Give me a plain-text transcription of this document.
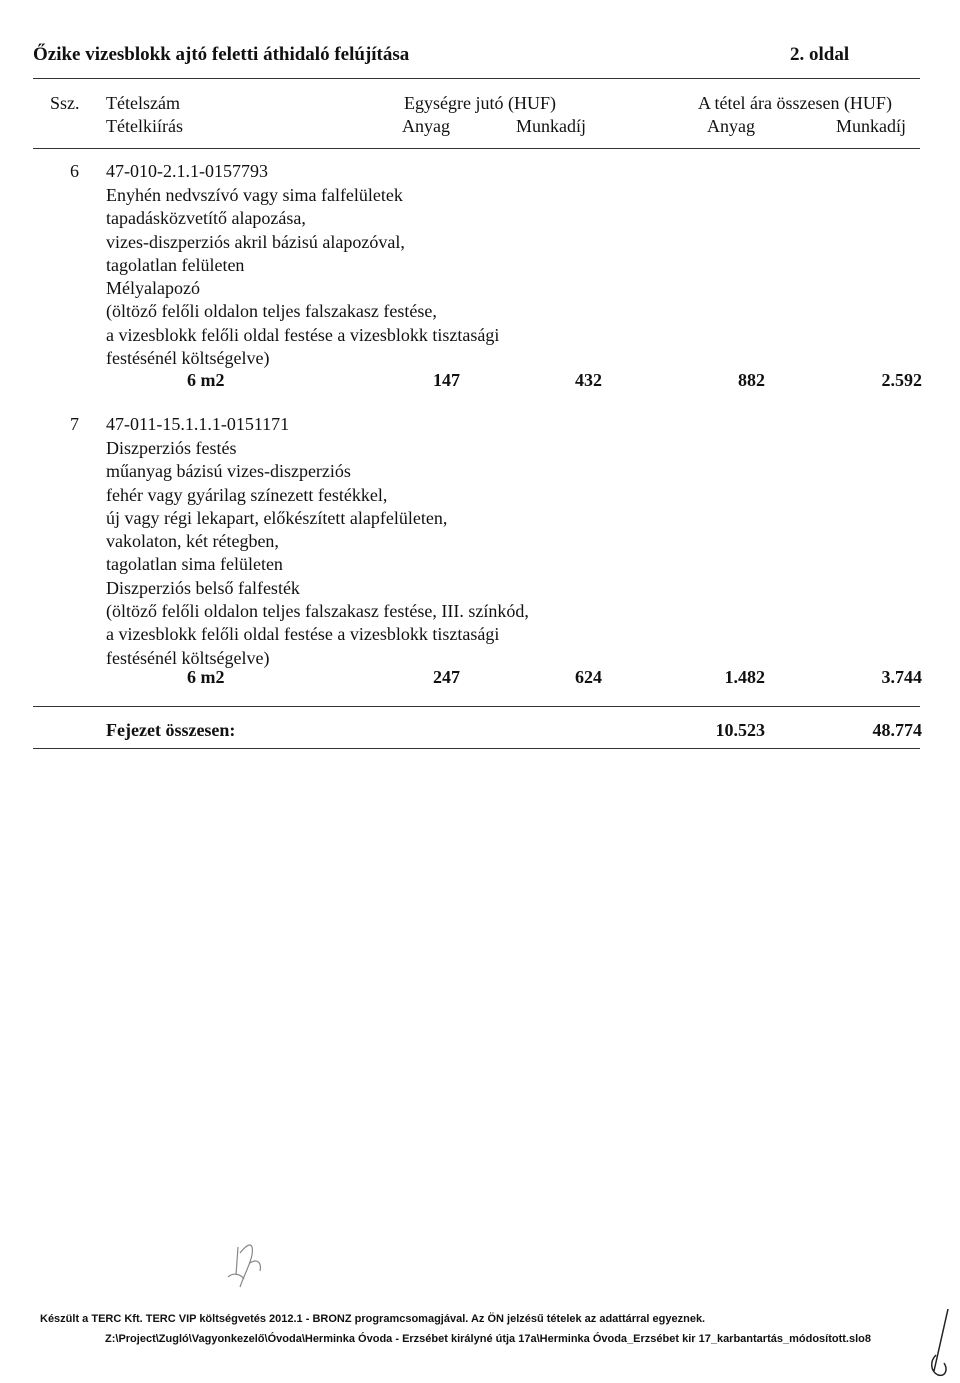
Őzike vizesblokk ajtó feletti áthidaló felújítása	2. oldal
Ssz. Tételszám
Tételkiírás
Egységre jutó (HUF)	A tétel ára összesen (HUF)
Anyag	Munkadíj	Anyag	Munkadíj
6 47-010-2.1.1-0157793
Enyhén nedvszívó vagy sima falfelületek
tapadásközvetítő alapozása,
vizes-diszperziós akril bázisú alapozóval,
tagolatlan felületen
Mélyalapozó
(öltöző felőli oldalon teljes falszakasz festése,
a vizesblokk felőli oldal festése a vizesblokk tisztasági
festésénél költségelve)
6 m2	147	432	882	2.592
7 47-011-15.1.1.1-0151171
Diszperziós festés
műanyag bázisú vizes-diszperziós
fehér vagy gyárilag színezett festékkel,
új vagy régi lekapart, előkészített alapfelületen,
vakolaton, két rétegben,
tagolatlan sima felületen
Diszperziós belső falfesték
(öltöző felőli oldalon teljes falszakasz festése, III. színkód,
a vizesblokk felőli oldal festése a vizesblokk tisztasági
festésénél költségelve)
6 m2	247	624	1.482	3.744
Fejezet összesen:	10.523	48.774
Készült a TERC Kft. TERC VIP költségvetés 2012.1 - BRONZ programcsomagjával. Az ÖN jelzésű tételek az adattárral egyeznek.
Z:\Project\Zugló\Vagyonkezelő\Óvoda\Herminka Óvoda - Erzsébet királyné útja 17a\Herminka Óvoda_Erzsébet kir 17_karbantartás_módosított.slo8
